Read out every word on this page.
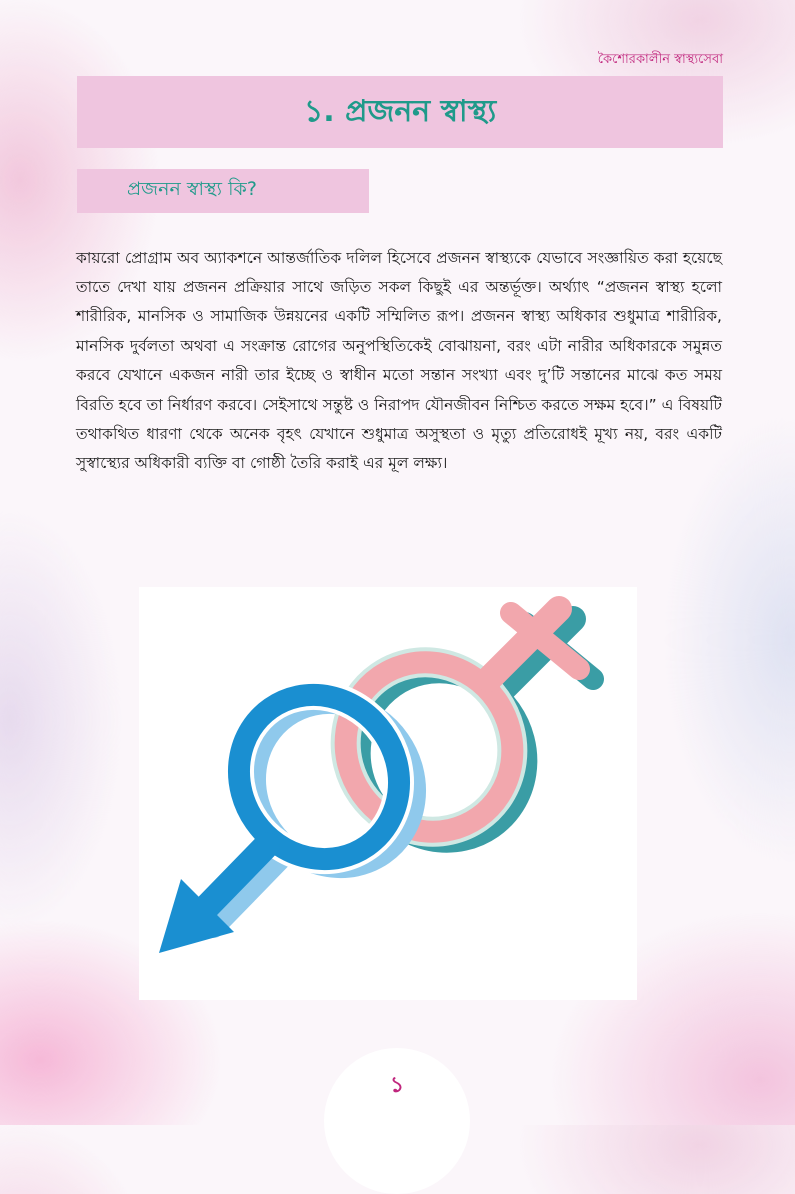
কৈশোরকালীন স্বাস্থ্যসেবা
১. প্রজনন স্বাস্থ্য
প্রজনন স্বাস্থ্য কি?

কায়রো প্রোগ্রাম অব অ্যাকশনে আন্তর্জাতিক দলিল হিসেবে প্রজনন স্বাস্থ্যকে যেভাবে সংজ্ঞায়িত করা হয়েছে তাতে দেখা যায় প্রজনন প্রক্রিয়ার সাথে জড়িত সকল কিছুই এর অন্তর্ভূক্ত। অর্থ্যাৎ “প্রজনন স্বাস্থ্য হলো শারীরিক, মানসিক ও সামাজিক উন্নয়নের একটি সম্মিলিত রূপ। প্রজনন স্বাস্থ্য অধিকার শুধুমাত্র শারীরিক, মানসিক দুর্বলতা অথবা এ সংক্রান্ত রোগের অনুপস্থিতিকেই বোঝায়না, বরং এটা নারীর অধিকারকে সমুন্নত করবে যেখানে একজন নারী তার ইচ্ছে ও স্বাধীন মতো সন্তান সংখ্যা এবং দু’টি সন্তানের মাঝে কত সময় বিরতি হবে তা নির্ধারণ করবে। সেইসাথে সন্তুষ্ট ও নিরাপদ যৌনজীবন নিশ্চিত করতে সক্ষম হবে।” এ বিষয়টি তথাকথিত ধারণা থেকে অনেক বৃহৎ যেখানে শুধুমাত্র অসুস্থতা ও মৃত্যু প্রতিরোধই মূখ্য নয়, বরং একটি সুস্বাস্থ্যের অধিকারী ব্যক্তি বা গোষ্ঠী তৈরি করাই এর মূল লক্ষ্য।

১
